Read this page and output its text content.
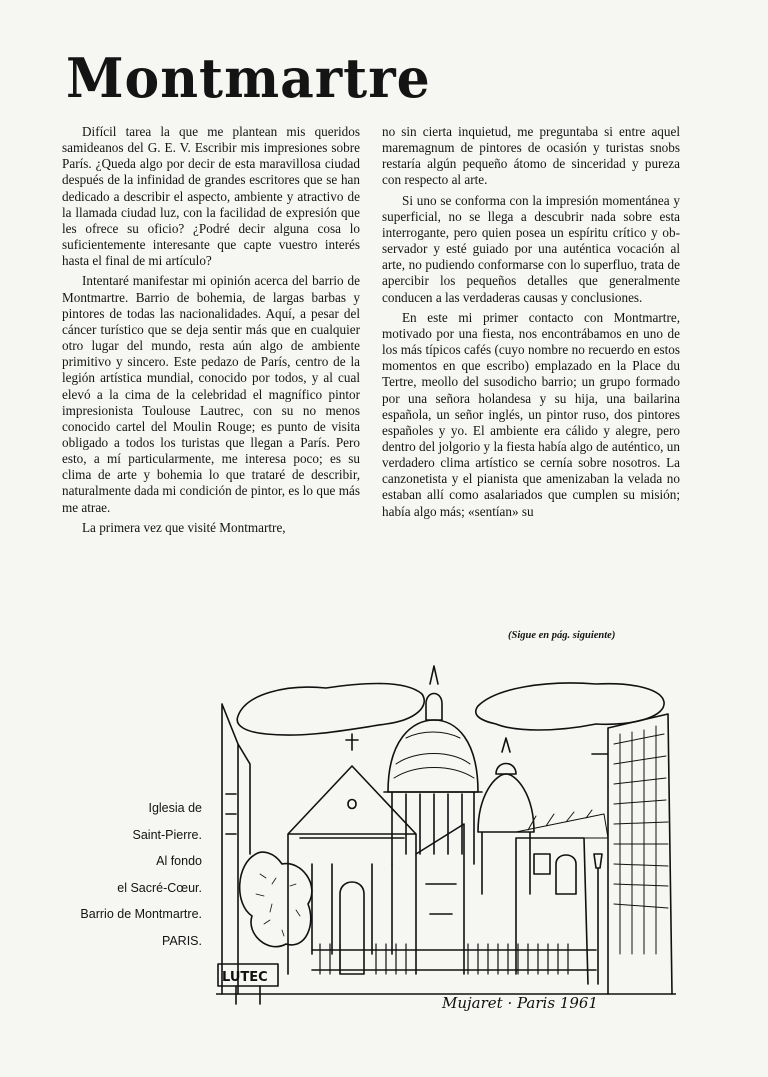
Montmartre

Difícil tarea la que me plantean mis queridos samideanos del G. E. V. Escribir mis impresiones sobre París. ¿Queda algo por decir de esta maravillosa ciudad después de la infinidad de grandes escritores que se han dedicado a describir el aspecto, ambiente y atractivo de la llamada ciudad luz, con la facilidad de expresión que les ofrece su oficio? ¿Podré decir alguna cosa lo suficientemente interesante que capte vuestro interés hasta el final de mi artículo?

Intentaré manifestar mi opinión acerca del barrio de Montmartre. Barrio de bohemia, de largas barbas y pintores de todas las nacionalidades. Aquí, a pesar del cáncer turístico que se deja sentir más que en cualquier otro lugar del mundo, resta aún algo de ambiente primitivo y sincero. Este pedazo de París, centro de la legión artística mundial, conocido por todos, y al cual elevó a la cima de la celebridad el magnífico pintor impresionista Toulouse Lautrec, con su no menos conocido cartel del Moulin Rouge; es punto de visita obligado a todos los turistas que llegan a París. Pero esto, a mí particularmente, me interesa poco; es su clima de arte y bohemia lo que trataré de describir, naturalmente dada mi condición de pintor, es lo que más me atrae.

La primera vez que visité Montmartre,

no sin cierta inquietud, me preguntaba si entre aquel maremagnum de pintores de ocasión y turistas snobs restaría algún pequeño átomo de sinceridad y pureza con respecto al arte.

Si uno se conforma con la impresión momentánea y superficial, no se llega a descubrir nada sobre esta interrogante, pero quien posea un espíritu crítico y observador y esté guiado por una auténtica vocación al arte, no pudiendo conformarse con lo superfluo, trata de apercibir los pequeños detalles que generalmente conducen a las verdaderas causas y conclusiones.

En este mi primer contacto con Montmartre, motivado por una fiesta, nos encontrábamos en uno de los más típicos cafés (cuyo nombre no recuerdo en estos momentos en que escribo) emplazado en la Place du Tertre, meollo del susodicho barrio; un grupo formado por una señora holandesa y su hija, una bailarina española, un señor inglés, un pintor ruso, dos pintores españoles y yo. El ambiente era cálido y alegre, pero dentro del jolgorio y la fiesta había algo de auténtico, un verdadero clima artístico se cernía sobre nosotros. La canzonetista y el pianista que amenizaban la velada no estaban allí como asalariados que cumplen su misión; había algo más; «sentían» su

(Sigue en pág. siguiente)
Iglesia de
Saint-Pierre.
Al fondo
el Sacré-Cœur.
Barrio de Montmartre.
PARIS.
LUTEC
Mujaret · Paris 1961
